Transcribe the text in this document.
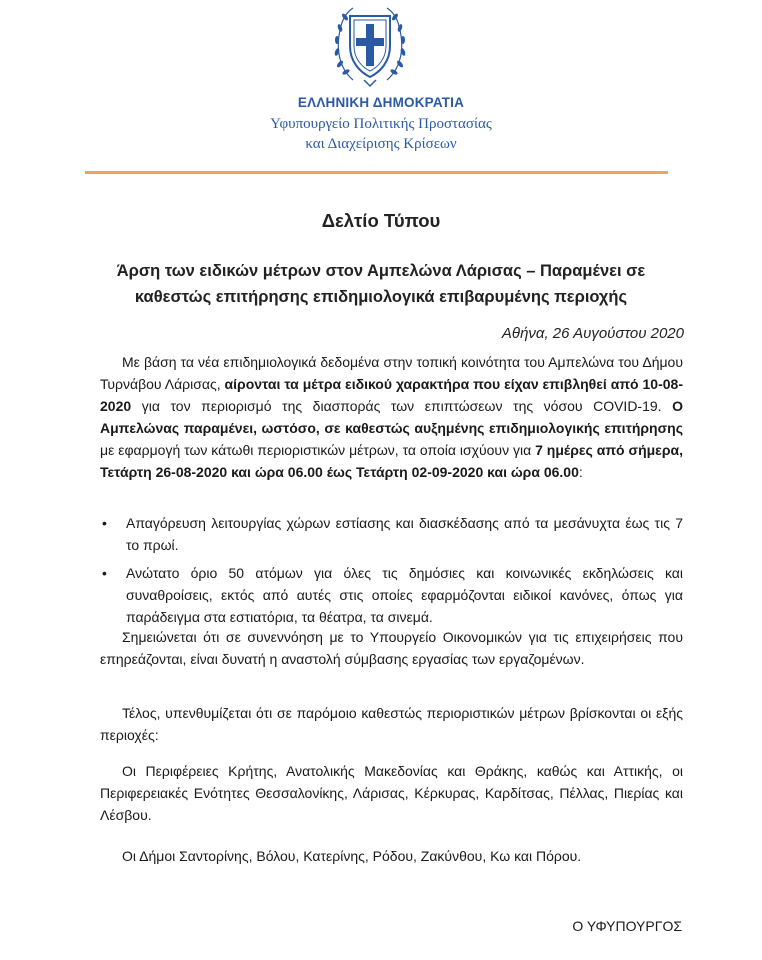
ΕΛΛΗΝΙΚΗ ΔΗΜΟΚΡΑΤΙΑ
Υφυπουργείο Πολιτικής Προστασίας
και Διαχείρισης Κρίσεων
Δελτίο Τύπου
Άρση των ειδικών μέτρων στον Αμπελώνα Λάρισας – Παραμένει σε
καθεστώς επιτήρησης επιδημιολογικά επιβαρυμένης περιοχής
Αθήνα, 26 Αυγούστου 2020
Με βάση τα νέα επιδημιολογικά δεδομένα στην τοπική κοινότητα του Αμπελώνα του Δήμου Τυρνάβου Λάρισας, αίρονται τα μέτρα ειδικού χαρακτήρα που είχαν επιβληθεί από 10-08-2020 για τον περιορισμό της διασποράς των επιπτώσεων της νόσου COVID-19. Ο Αμπελώνας παραμένει, ωστόσο, σε καθεστώς αυξημένης επιδημιολογικής επιτήρησης με εφαρμογή των κάτωθι περιοριστικών μέτρων, τα οποία ισχύουν για 7 ημέρες από σήμερα, Τετάρτη 26-08-2020 και ώρα 06.00 έως Τετάρτη 02-09-2020 και ώρα 06.00:
•	Απαγόρευση λειτουργίας χώρων εστίασης και διασκέδασης από τα μεσάνυχτα έως τις 7 το πρωί.
•	Ανώτατο όριο 50 ατόμων για όλες τις δημόσιες και κοινωνικές εκδηλώσεις και συναθροίσεις, εκτός από αυτές στις οποίες εφαρμόζονται ειδικοί κανόνες, όπως για παράδειγμα στα εστιατόρια, τα θέατρα, τα σινεμά.
Σημειώνεται ότι σε συνεννόηση με το Υπουργείο Οικονομικών για τις επιχειρήσεις που επηρεάζονται, είναι δυνατή η αναστολή σύμβασης εργασίας των εργαζομένων.
Τέλος, υπενθυμίζεται ότι σε παρόμοιο καθεστώς περιοριστικών μέτρων βρίσκονται οι εξής περιοχές:
Οι Περιφέρειες Κρήτης, Ανατολικής Μακεδονίας και Θράκης, καθώς και Αττικής, οι Περιφερειακές Ενότητες Θεσσαλονίκης, Λάρισας, Κέρκυρας, Καρδίτσας, Πέλλας, Πιερίας και Λέσβου.
Οι Δήμοι Σαντορίνης, Βόλου, Κατερίνης, Ρόδου, Ζακύνθου, Κω και Πόρου.
Ο ΥΦΥΠΟΥΡΓΟΣ
